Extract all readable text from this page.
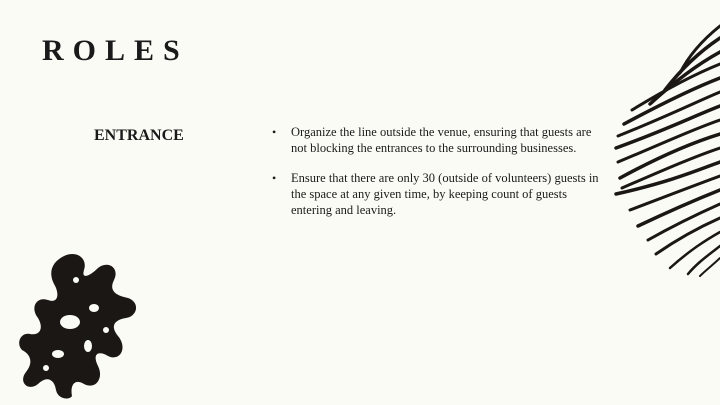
ROLES
ENTRANCE	• Organize the line outside the venue, ensuring that guests are not blocking the entrances to the surrounding businesses.
• Ensure that there are only 30 (outside of volunteers) guests in the space at any given time, by keeping count of guests entering and leaving.
